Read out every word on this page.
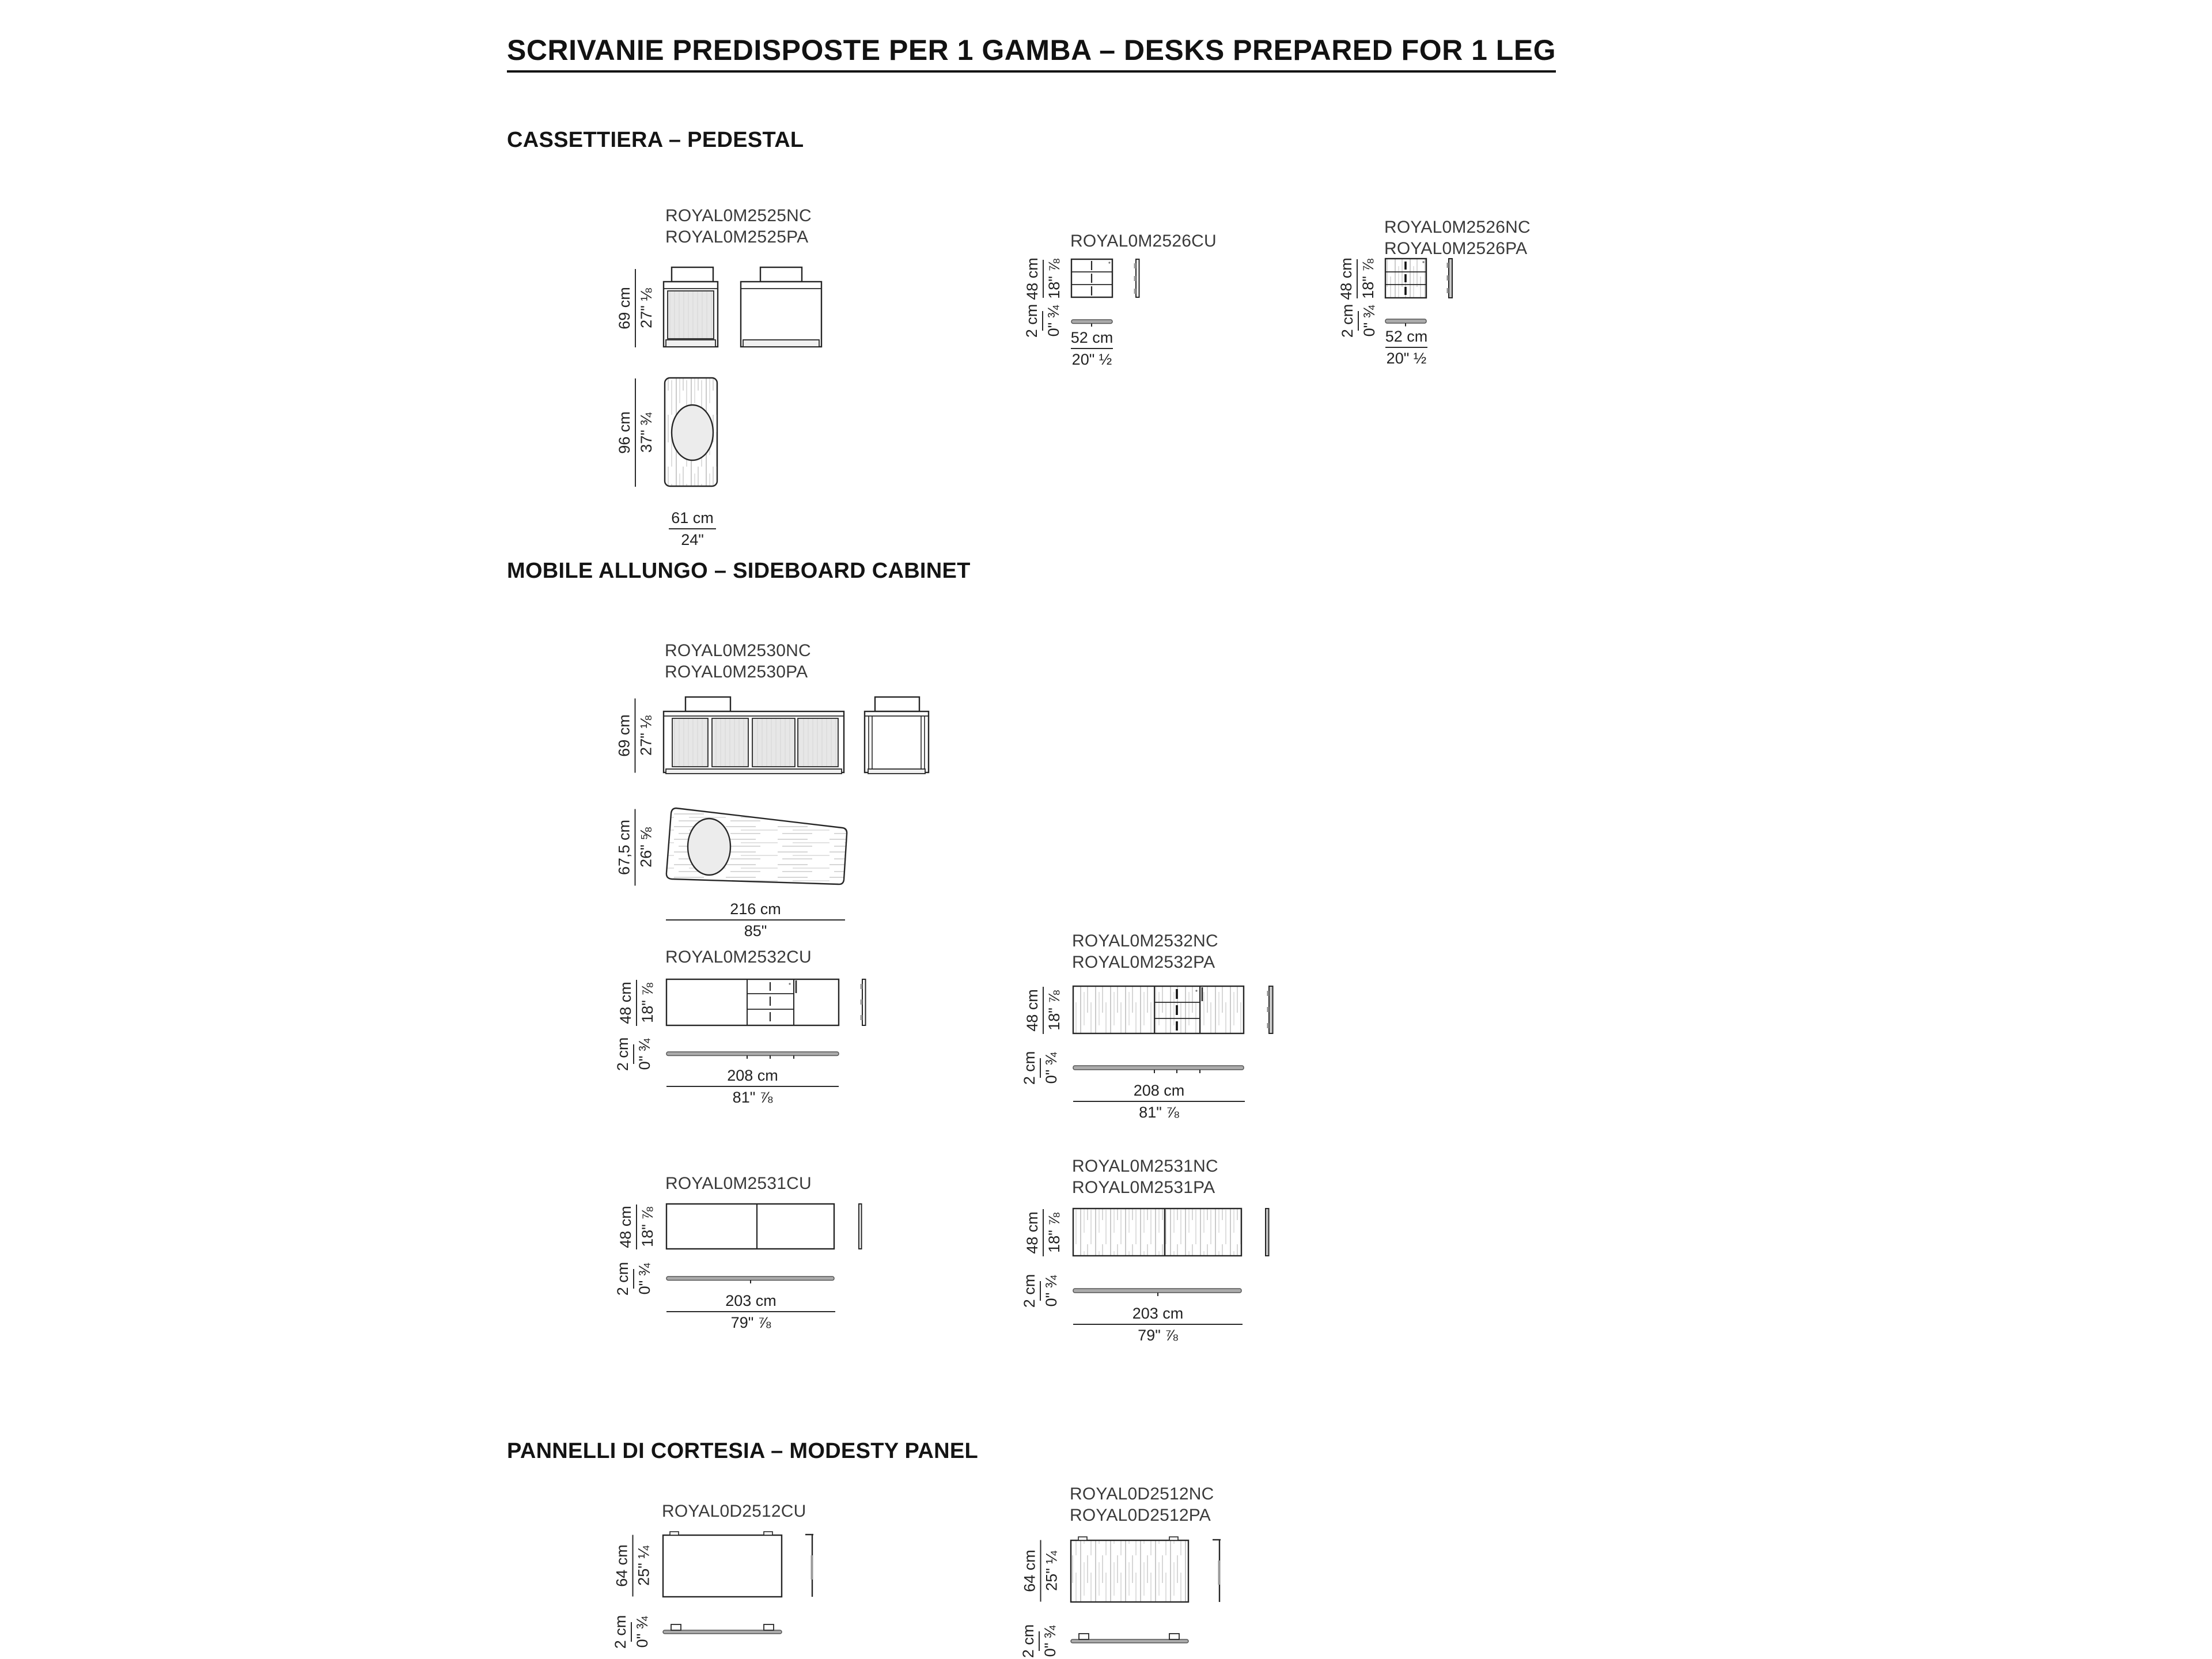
SCRIVANIE PREDISPOSTE PER 1 GAMBA – DESKS PREPARED FOR 1 LEG
CASSETTIERA – PEDESTAL
MOBILE ALLUNGO – SIDEBOARD CABINET
PANNELLI DI CORTESIA – MODESTY PANEL
ROYAL0M2525NC
ROYAL0M2525PA
69 cm 27" ⅛
96 cm 37" ¾
61 cm
24"
ROYAL0M2526CU
48 cm 18" ⅞
2 cm 0" ¾
52 cm
20" ½
ROYAL0M2526NC
ROYAL0M2526PA
48 cm 18" ⅞
2 cm 0" ¾ 52 cm
20" ½
ROYAL0M2530NC
ROYAL0M2530PA
69 cm 27" ⅛
67,5 cm 26" ⅝
216 cm
85"
ROYAL0M2532CU
48 cm 18" ⅞
2 cm 0" ¾
208 cm
81" ⅞
ROYAL0M2532NC
ROYAL0M2532PA
48 cm 18" ⅞
2 cm 0" ¾
208 cm
81" ⅞
ROYAL0M2531CU
48 cm 18" ⅞
2 cm 0" ¾
203 cm
79" ⅞
ROYAL0M2531NC
ROYAL0M2531PA
48 cm 18" ⅞
2 cm 0" ¾
203 cm
79" ⅞
ROYAL0D2512CU
64 cm 25" ¼
2 cm 0" ¾
ROYAL0D2512NC
ROYAL0D2512PA
64 cm 25" ¼
2 cm 0" ¾
